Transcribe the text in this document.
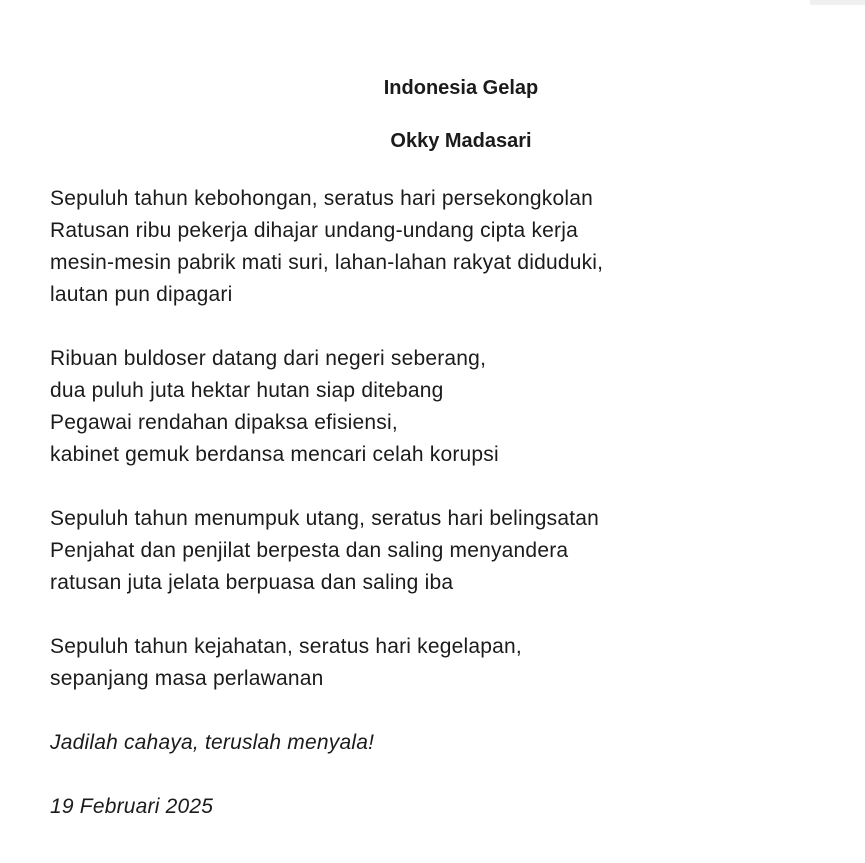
Indonesia Gelap
Okky Madasari

Sepuluh tahun kebohongan, seratus hari persekongkolan
Ratusan ribu pekerja dihajar undang-undang cipta kerja
mesin-mesin pabrik mati suri, lahan-lahan rakyat diduduki,
lautan pun dipagari

Ribuan buldoser datang dari negeri seberang,
dua puluh juta hektar hutan siap ditebang
Pegawai rendahan dipaksa efisiensi,
kabinet gemuk berdansa mencari celah korupsi

Sepuluh tahun menumpuk utang, seratus hari belingsatan
Penjahat dan penjilat berpesta dan saling menyandera
ratusan juta jelata berpuasa dan saling iba

Sepuluh tahun kejahatan, seratus hari kegelapan,
sepanjang masa perlawanan

Jadilah cahaya, teruslah menyala!

19 Februari 2025
